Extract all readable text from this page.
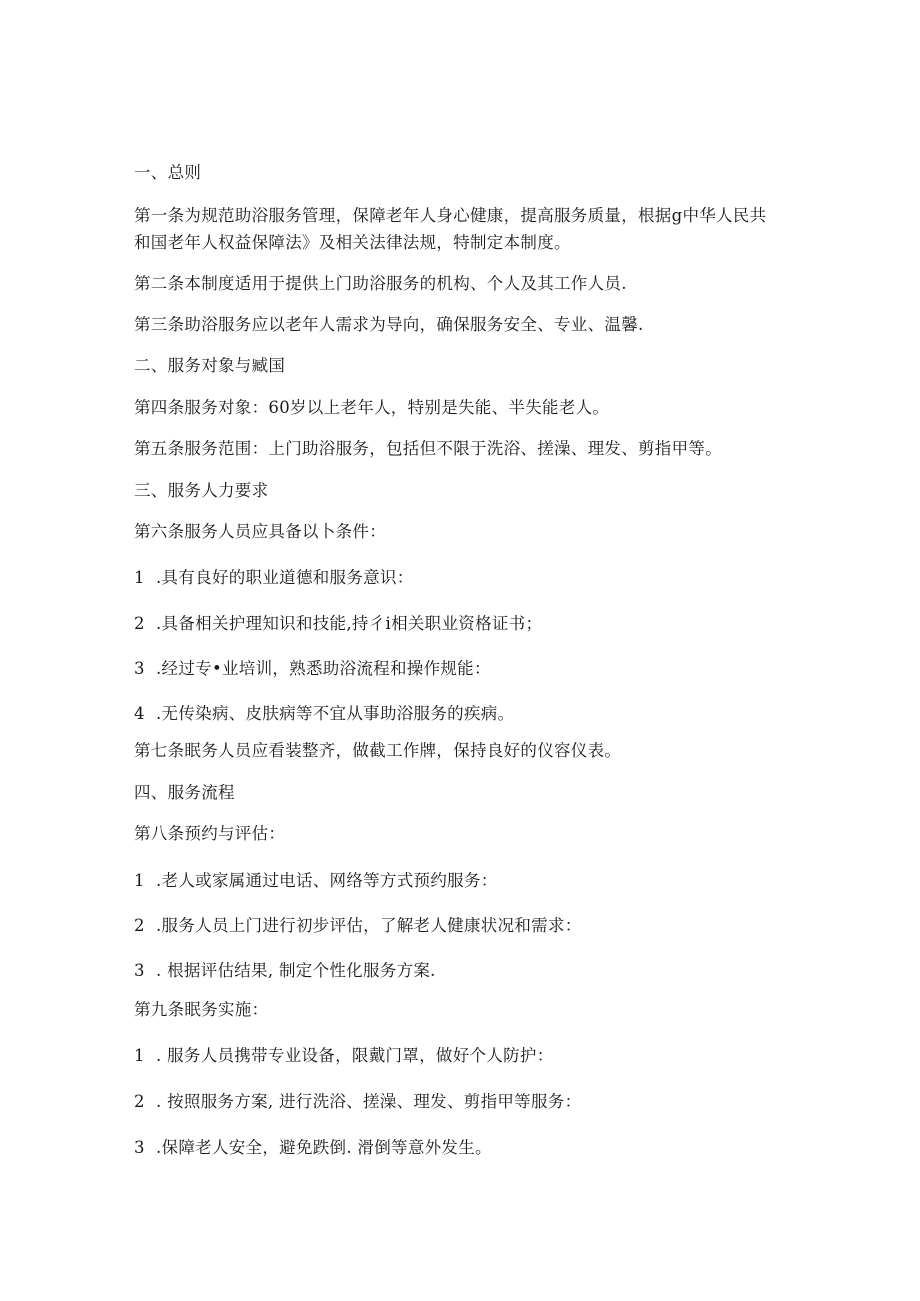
一、总则
第一条为规范助浴服务管理，保障老年人身心健康，提高服务质量，根据g中华人民共
和国老年人权益保障法》及相关法律法规，特制定本制度。
第二条本制度适用于提供上门助浴服务的机构、个人及其工作人员.
第三条助浴服务应以老年人需求为导向，确保服务安全、专业、温馨.
二、服务对象与臧国
第四条服务对象：60岁以上老年人，特别是失能、半失能老人。
第五条服务范围：上门助浴服务，包括但不限于洗浴、搓澡、理发、剪指甲等。
三、服务人力要求
第六条服务人员应具备以卜条件：
1 .具有良好的职业道德和服务意识：
2 .具备相关护理知识和技能,持彳i相关职业资格证书；
3 .经过专•业培训，熟悉助浴流程和操作规能：
4 .无传染病、皮肤病等不宜从事助浴服务的疾病。
第七条眠务人员应看装整齐，做截工作牌，保持良好的仪容仪表。
四、服务流程
第八条预约与评估：
1 .老人或家属通过电话、网络等方式预约服务：
2 .服务人员上门进行初步评估，了解老人健康状况和需求：
3 . 根据评估结果, 制定个性化服务方案.
第九条眠务实施：
1 . 服务人员携带专业设备，限戴门罩，做好个人防护：
2 . 按照服务方案, 进行洗浴、搓澡、理发、剪指甲等服务：
3 .保障老人安全，避免跌倒. 滑倒等意外发生。
